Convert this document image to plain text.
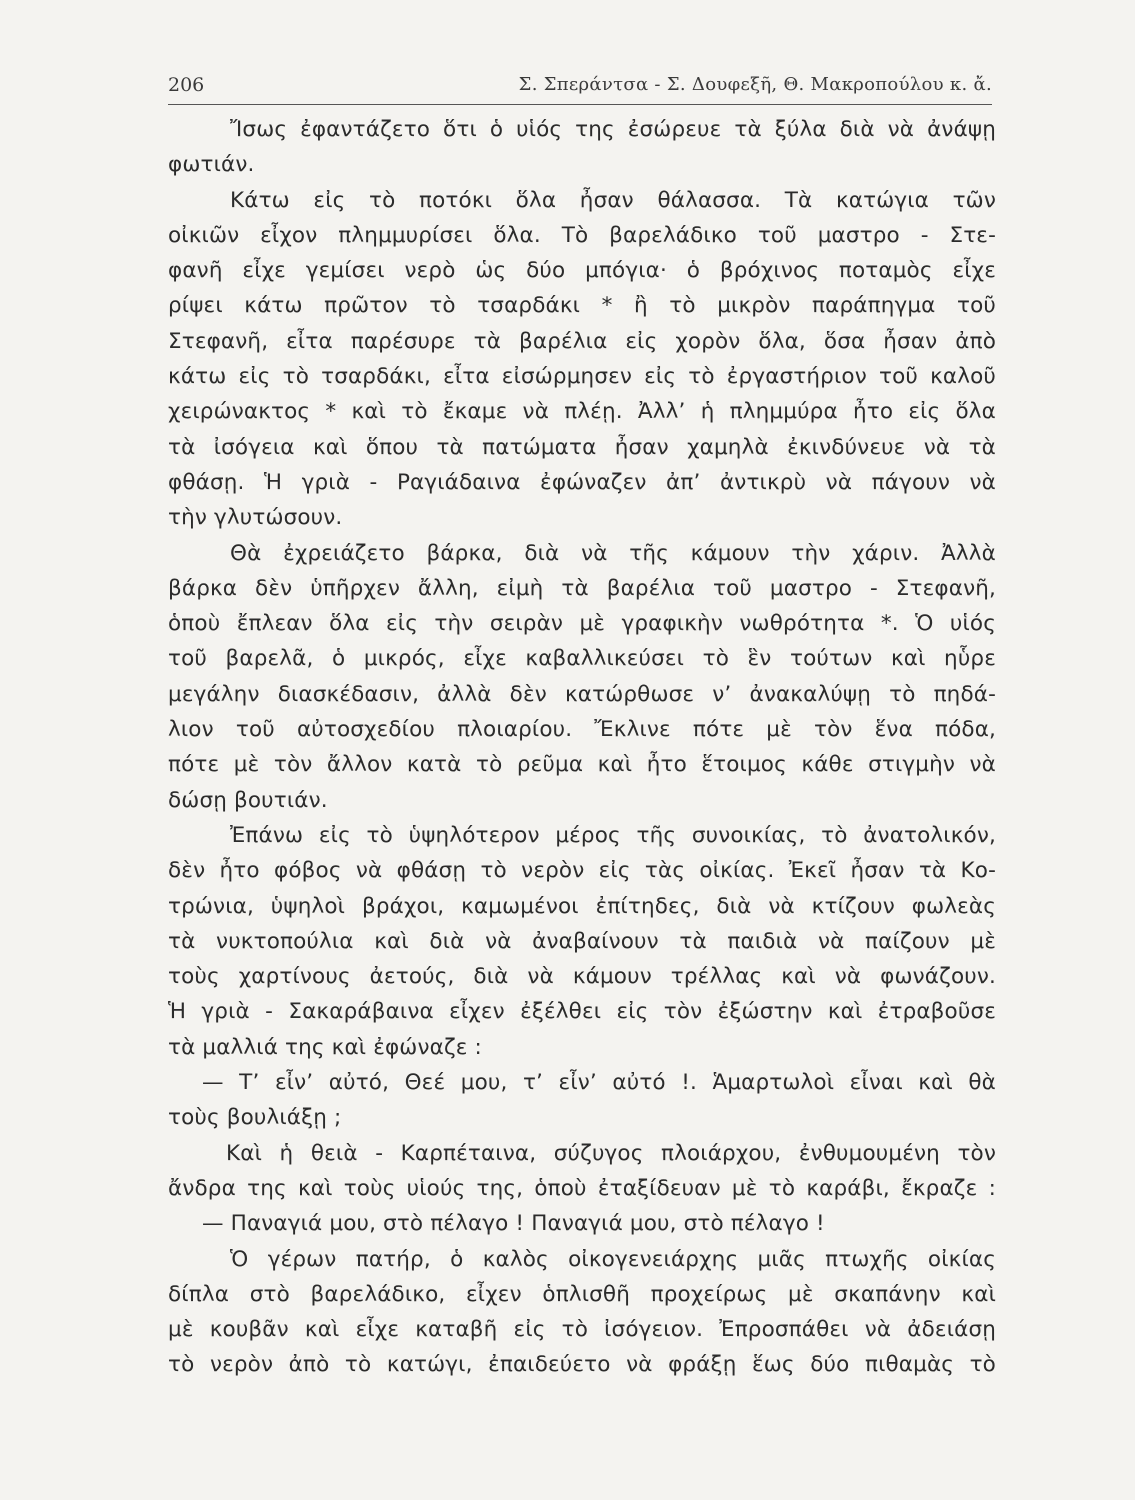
206	Σ. Σπεράντσα - Σ. Δουφεξῆ, Θ. Μακροπούλου κ. ἄ.
Ἴσως ἐφαντάζετο ὅτι ὁ υἱός της ἐσώρευε τὰ ξύλα διὰ νὰ ἀνάψῃ
φωτιάν.
Κάτω εἰς τὸ ποτόκι ὅλα ἦσαν θάλασσα. Τὰ κατώγια τῶν
οἰκιῶν εἶχον πλημμυρίσει ὅλα. Τὸ βαρελάδικο τοῦ μαστρο - Στε-
φανῆ εἶχε γεμίσει νερὸ ὡς δύο μπόγια· ὁ βρόχινος ποταμὸς εἶχε
ρίψει κάτω πρῶτον τὸ τσαρδάκι * ἢ τὸ μικρὸν παράπηγμα τοῦ
Στεφανῆ, εἶτα παρέσυρε τὰ βαρέλια εἰς χορὸν ὅλα, ὅσα ἦσαν ἀπὸ
κάτω εἰς τὸ τσαρδάκι, εἶτα εἰσώρμησεν εἰς τὸ ἐργαστήριον τοῦ καλοῦ
χειρώνακτος * καὶ τὸ ἔκαμε νὰ πλέῃ. Ἀλλ’ ἡ πλημμύρα ἦτο εἰς ὅλα
τὰ ἰσόγεια καὶ ὅπου τὰ πατώματα ἦσαν χαμηλὰ ἐκινδύνευε νὰ τὰ
φθάσῃ. Ἡ γριὰ - Ραγιάδαινα ἐφώναζεν ἀπ’ ἀντικρὺ νὰ πάγουν νὰ
τὴν γλυτώσουν.
Θὰ ἐχρειάζετο βάρκα, διὰ νὰ τῆς κάμουν τὴν χάριν. Ἀλλὰ
βάρκα δὲν ὑπῆρχεν ἄλλη, εἰμὴ τὰ βαρέλια τοῦ μαστρο - Στεφανῆ,
ὁποὺ ἔπλεαν ὅλα εἰς τὴν σειρὰν μὲ γραφικὴν νωθρότητα *. Ὁ υἱός
τοῦ βαρελᾶ, ὁ μικρός, εἶχε καβαλλικεύσει τὸ ἓν τούτων καὶ ηὗρε
μεγάλην διασκέδασιν, ἀλλὰ δὲν κατώρθωσε ν’ ἀνακαλύψῃ τὸ πηδά-
λιον τοῦ αὐτοσχεδίου πλοιαρίου. Ἔκλινε πότε μὲ τὸν ἕνα πόδα,
πότε μὲ τὸν ἄλλον κατὰ τὸ ρεῦμα καὶ ἦτο ἕτοιμος κάθε στιγμὴν νὰ
δώσῃ βουτιάν.
Ἐπάνω εἰς τὸ ὑψηλότερον μέρος τῆς συνοικίας, τὸ ἀνατολικόν,
δὲν ἦτο φόβος νὰ φθάσῃ τὸ νερὸν εἰς τὰς οἰκίας. Ἐκεῖ ἦσαν τὰ Κο-
τρώνια, ὑψηλοὶ βράχοι, καμωμένοι ἐπίτηδες, διὰ νὰ κτίζουν φωλεὰς
τὰ νυκτοπούλια καὶ διὰ νὰ ἀναβαίνουν τὰ παιδιὰ νὰ παίζουν μὲ
τοὺς χαρτίνους ἀετούς, διὰ νὰ κάμουν τρέλλας καὶ νὰ φωνάζουν.
Ἡ γριὰ - Σακαράβαινα εἶχεν ἐξέλθει εἰς τὸν ἐξώστην καὶ ἐτραβοῦσε
τὰ μαλλιά της καὶ ἐφώναζε :
— Τ’ εἶν’ αὐτό, Θεέ μου, τ’ εἶν’ αὐτό !. Ἁμαρτωλοὶ εἶναι καὶ θὰ
τοὺς βουλιάξῃ ;
Καὶ ἡ θειὰ - Καρπέταινα, σύζυγος πλοιάρχου, ἐνθυμουμένη τὸν
ἄνδρα της καὶ τοὺς υἱούς της, ὁποὺ ἐταξίδευαν μὲ τὸ καράβι, ἔκραζε :
— Παναγιά μου, στὸ πέλαγο ! Παναγιά μου, στὸ πέλαγο !
Ὁ γέρων πατήρ, ὁ καλὸς οἰκογενειάρχης μιᾶς πτωχῆς οἰκίας
δίπλα στὸ βαρελάδικο, εἶχεν ὁπλισθῆ προχείρως μὲ σκαπάνην καὶ
μὲ κουβᾶν καὶ εἶχε καταβῆ εἰς τὸ ἰσόγειον. Ἐπροσπάθει νὰ ἀδειάσῃ
τὸ νερὸν ἀπὸ τὸ κατώγι, ἐπαιδεύετο νὰ φράξῃ ἕως δύο πιθαμὰς τὸ
